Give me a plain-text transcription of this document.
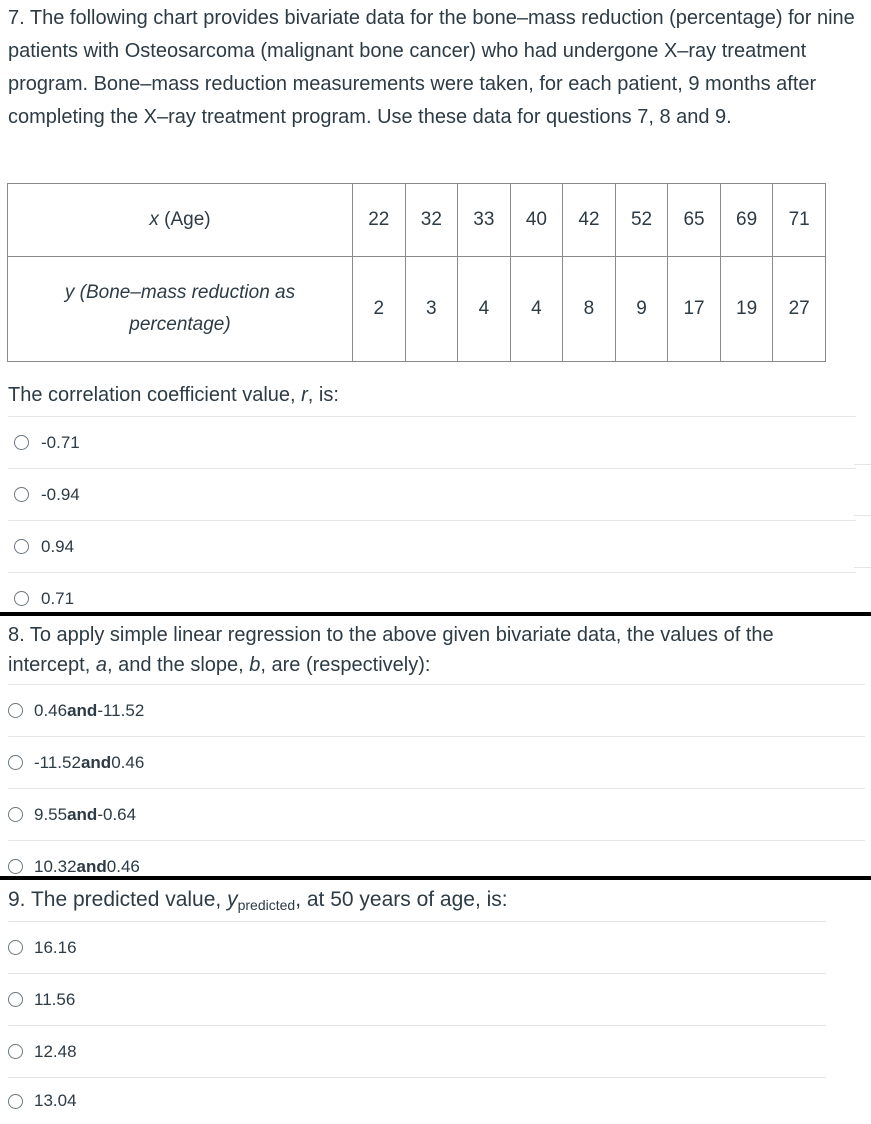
7. The following chart provides bivariate data for the bone–mass reduction (percentage) for nine patients with Osteosarcoma (malignant bone cancer) who had undergone X–ray treatment program. Bone–mass reduction measurements were taken, for each patient, 9 months after completing the X–ray treatment program. Use these data for questions 7, 8 and 9.
x (Age)	22	32	33	40	42	52	65	69	71
y (Bone–mass reduction as
percentage)	2	3	4	4	8	9	17	19	27
The correlation coefficient value, r, is:
-0.71
-0.94
0.94
0.71
8. To apply simple linear regression to the above given bivariate data, the values of the
intercept, a, and the slope, b, are (respectively):
0.46 and -11.52
-11.52 and 0.46
9.55 and -0.64
10.32 and 0.46
9. The predicted value, $y_{predicted}$, at 50 years of age, is:
16.16
11.56
12.48
13.04
